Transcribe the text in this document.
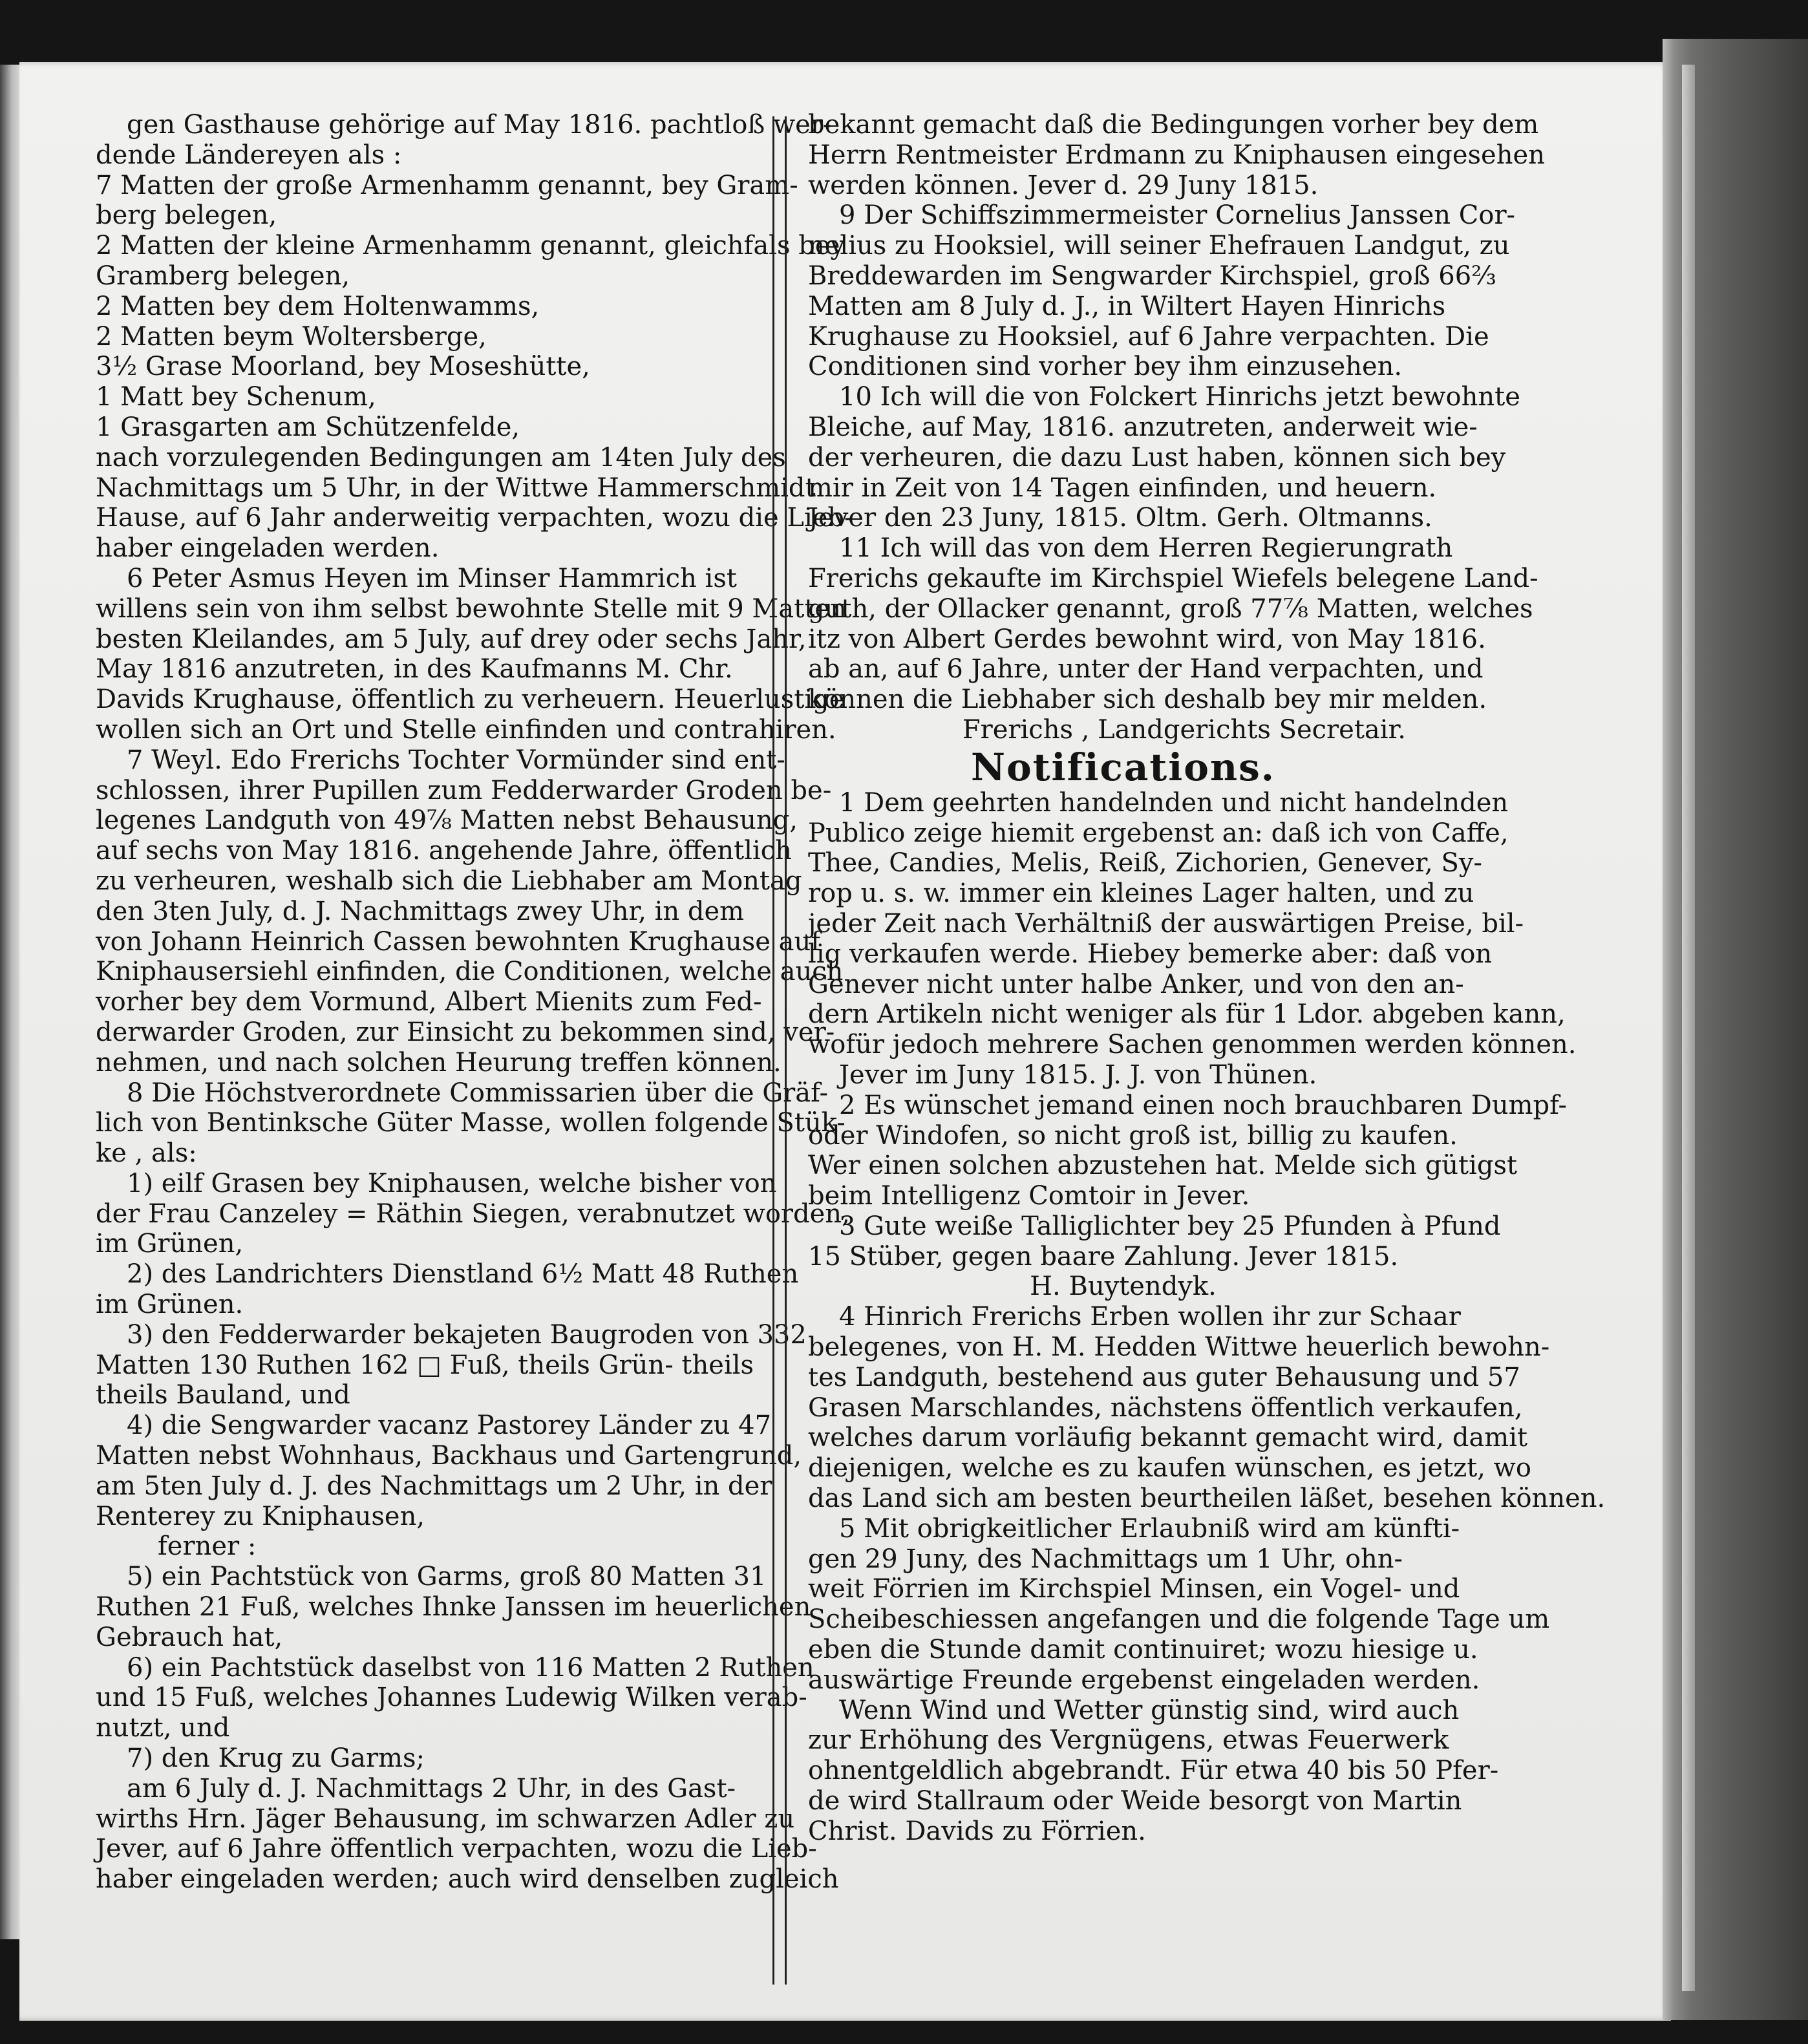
gen Gasthause gehörige auf May 1816. pachtloß wer-
dende Ländereyen als :
7 Matten der große Armenhamm genannt, bey Gram-
berg belegen,
2 Matten der kleine Armenhamm genannt, gleichfals bey
Gramberg belegen,
2 Matten bey dem Holtenwamms,
2 Matten beym Woltersberge,
3½ Grase Moorland, bey Moseshütte,
1 Matt bey Schenum,
1 Grasgarten am Schützenfelde,
nach vorzulegenden Bedingungen am 14ten July des
Nachmittags um 5 Uhr, in der Wittwe Hammerschmidt
Hause, auf 6 Jahr anderweitig verpachten, wozu die Lieb-
haber eingeladen werden.
6 Peter Asmus Heyen im Minser Hammrich ist
willens sein von ihm selbst bewohnte Stelle mit 9 Matten
besten Kleilandes, am 5 July, auf drey oder sechs Jahr,
May 1816 anzutreten, in des Kaufmanns M. Chr.
Davids Krughause, öffentlich zu verheuern. Heuerlustige
wollen sich an Ort und Stelle einfinden und contrahiren.
7 Weyl. Edo Frerichs Tochter Vormünder sind ent-
schlossen, ihrer Pupillen zum Fedderwarder Groden be-
legenes Landguth von 49⅞ Matten nebst Behausung,
auf sechs von May 1816. angehende Jahre, öffentlich
zu verheuren, weshalb sich die Liebhaber am Montag
den 3ten July, d. J. Nachmittags zwey Uhr, in dem
von Johann Heinrich Cassen bewohnten Krughause auf
Kniphausersiehl einfinden, die Conditionen, welche auch
vorher bey dem Vormund, Albert Mienits zum Fed-
derwarder Groden, zur Einsicht zu bekommen sind, ver-
nehmen, und nach solchen Heurung treffen können.
8 Die Höchstverordnete Commissarien über die Gräf-
lich von Bentinksche Güter Masse, wollen folgende Stük-
ke , als:
1) eilf Grasen bey Kniphausen, welche bisher von
der Frau Canzeley = Räthin Siegen, verabnutzet worden,
im Grünen,
2) des Landrichters Dienstland 6½ Matt 48 Ruthen
im Grünen.
3) den Fedderwarder bekajeten Baugroden von 332
Matten 130 Ruthen 162 □ Fuß, theils Grün- theils
theils Bauland, und
4) die Sengwarder vacanz Pastorey Länder zu 47
Matten nebst Wohnhaus, Backhaus und Gartengrund,
am 5ten July d. J. des Nachmittags um 2 Uhr, in der
Renterey zu Kniphausen,
ferner :
5) ein Pachtstück von Garms, groß 80 Matten 31
Ruthen 21 Fuß, welches Ihnke Janssen im heuerlichen
Gebrauch hat,
6) ein Pachtstück daselbst von 116 Matten 2 Ruthen
und 15 Fuß, welches Johannes Ludewig Wilken verab-
nutzt, und
7) den Krug zu Garms;
am 6 July d. J. Nachmittags 2 Uhr, in des Gast-
wirths Hrn. Jäger Behausung, im schwarzen Adler zu
Jever, auf 6 Jahre öffentlich verpachten, wozu die Lieb-
haber eingeladen werden; auch wird denselben zugleich
bekannt gemacht daß die Bedingungen vorher bey dem
Herrn Rentmeister Erdmann zu Kniphausen eingesehen
werden können. Jever d. 29 Juny 1815.
9 Der Schiffszimmermeister Cornelius Janssen Cor-
nelius zu Hooksiel, will seiner Ehefrauen Landgut, zu
Breddewarden im Sengwarder Kirchspiel, groß 66⅔
Matten am 8 July d. J., in Wiltert Hayen Hinrichs
Krughause zu Hooksiel, auf 6 Jahre verpachten. Die
Conditionen sind vorher bey ihm einzusehen.
10 Ich will die von Folckert Hinrichs jetzt bewohnte
Bleiche, auf May, 1816. anzutreten, anderweit wie-
der verheuren, die dazu Lust haben, können sich bey
mir in Zeit von 14 Tagen einfinden, und heuern.
Jever den 23 Juny, 1815. Oltm. Gerh. Oltmanns.
11 Ich will das von dem Herren Regierungrath
Frerichs gekaufte im Kirchspiel Wiefels belegene Land-
guth, der Ollacker genannt, groß 77⅞ Matten, welches
itz von Albert Gerdes bewohnt wird, von May 1816.
ab an, auf 6 Jahre, unter der Hand verpachten, und
können die Liebhaber sich deshalb bey mir melden.
Frerichs , Landgerichts Secretair.
Notifications.
1 Dem geehrten handelnden und nicht handelnden
Publico zeige hiemit ergebenst an: daß ich von Caffe,
Thee, Candies, Melis, Reiß, Zichorien, Genever, Sy-
rop u. s. w. immer ein kleines Lager halten, und zu
jeder Zeit nach Verhältniß der auswärtigen Preise, bil-
lig verkaufen werde. Hiebey bemerke aber: daß von
Genever nicht unter halbe Anker, und von den an-
dern Artikeln nicht weniger als für 1 Ldor. abgeben kann,
wofür jedoch mehrere Sachen genommen werden können.
Jever im Juny 1815. J. J. von Thünen.
2 Es wünschet jemand einen noch brauchbaren Dumpf-
oder Windofen, so nicht groß ist, billig zu kaufen.
Wer einen solchen abzustehen hat. Melde sich gütigst
beim Intelligenz Comtoir in Jever.
3 Gute weiße Talliglichter bey 25 Pfunden à Pfund
15 Stüber, gegen baare Zahlung. Jever 1815.
H. Buytendyk.
4 Hinrich Frerichs Erben wollen ihr zur Schaar
belegenes, von H. M. Hedden Wittwe heuerlich bewohn-
tes Landguth, bestehend aus guter Behausung und 57
Grasen Marschlandes, nächstens öffentlich verkaufen,
welches darum vorläufig bekannt gemacht wird, damit
diejenigen, welche es zu kaufen wünschen, es jetzt, wo
das Land sich am besten beurtheilen läßet, besehen können.
5 Mit obrigkeitlicher Erlaubniß wird am künfti-
gen 29 Juny, des Nachmittags um 1 Uhr, ohn-
weit Förrien im Kirchspiel Minsen, ein Vogel- und
Scheibeschiessen angefangen und die folgende Tage um
eben die Stunde damit continuiret; wozu hiesige u.
auswärtige Freunde ergebenst eingeladen werden.
Wenn Wind und Wetter günstig sind, wird auch
zur Erhöhung des Vergnügens, etwas Feuerwerk
ohnentgeldlich abgebrandt. Für etwa 40 bis 50 Pfer-
de wird Stallraum oder Weide besorgt von Martin
Christ. Davids zu Förrien.
